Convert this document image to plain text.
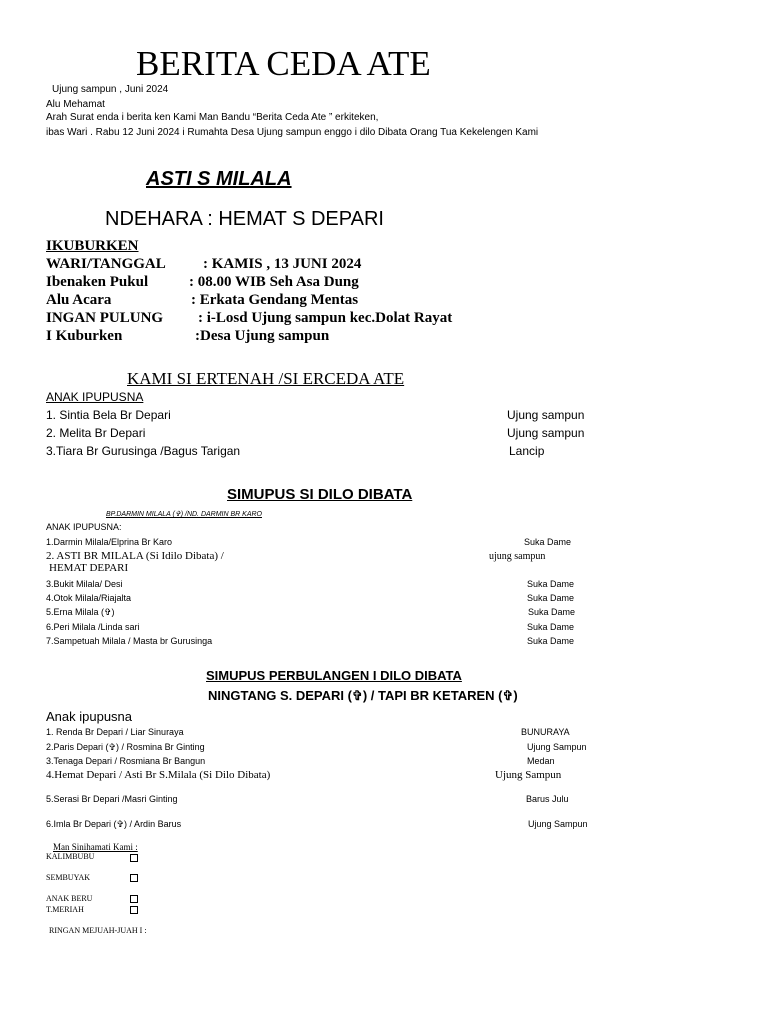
BERITA CEDA ATE
Ujung sampun , Juni 2024
Alu Mehamat
Arah Surat enda i berita ken Kami Man Bandu “Berita Ceda Ate ” erkiteken,
ibas Wari . Rabu 12 Juni 2024 i Rumahta Desa Ujung sampun enggo i dilo Dibata Orang Tua Kekelengen Kami
ASTI S MILALA
NDEHARA : HEMAT S DEPARI
IKUBURKEN
WARI/TANGGAL : KAMIS , 13 JUNI 2024
Ibenaken Pukul	: 08.00 WIB Seh Asa Dung
Alu Acara	: Erkata Gendang Mentas
INGAN PULUNG : i-Losd Ujung sampun kec.Dolat Rayat
I Kuburken	:Desa Ujung sampun
KAMI SI ERTENAH /SI ERCEDA ATE
ANAK IPUPUSNA
1. Sintia Bela Br Depari	Ujung sampun
2. Melita Br Depari	Ujung sampun
3.Tiara Br Gurusinga /Bagus Tarigan	Lancip
SIMUPUS SI DILO DIBATA
BP.DARMIN MILALA (✞) /ND. DARMIN BR KARO
ANAK IPUPUSNA:
1.Darmin Milala/Elprina Br Karo	Suka Dame
2. ASTI BR MILALA (Si Idilo Dibata) /
HEMAT DEPARI
ujung sampun
3.Bukit Milala/ Desi	Suka Dame
4.Otok Milala/Riajalta	Suka Dame
5.Erna Milala (✞)	Suka Dame
6.Peri Milala /Linda sari	Suka Dame
7.Sampetuah Milala / Masta br Gurusinga	Suka Dame
SIMUPUS PERBULANGEN I DILO DIBATA
NINGTANG S. DEPARI (✞) / TAPI BR KETAREN (✞)
Anak ipupusna
1. Renda Br Depari / Liar Sinuraya	BUNURAYA
2.Paris Depari (✞) / Rosmina Br Ginting	Ujung Sampun
3.Tenaga Depari / Rosmiana Br Bangun	Medan
4.Hemat Depari / Asti Br S.Milala (Si Dilo Dibata)	Ujung Sampun
5.Serasi Br Depari /Masri Ginting	Barus Julu
6.Imla Br Depari (✞) / Ardin Barus	Ujung Sampun
Man Sinihamati Kami :
KALIMBUBU
SEMBUYAK
ANAK BERU
T.MERIAH
RINGAN MEJUAH-JUAH I :
